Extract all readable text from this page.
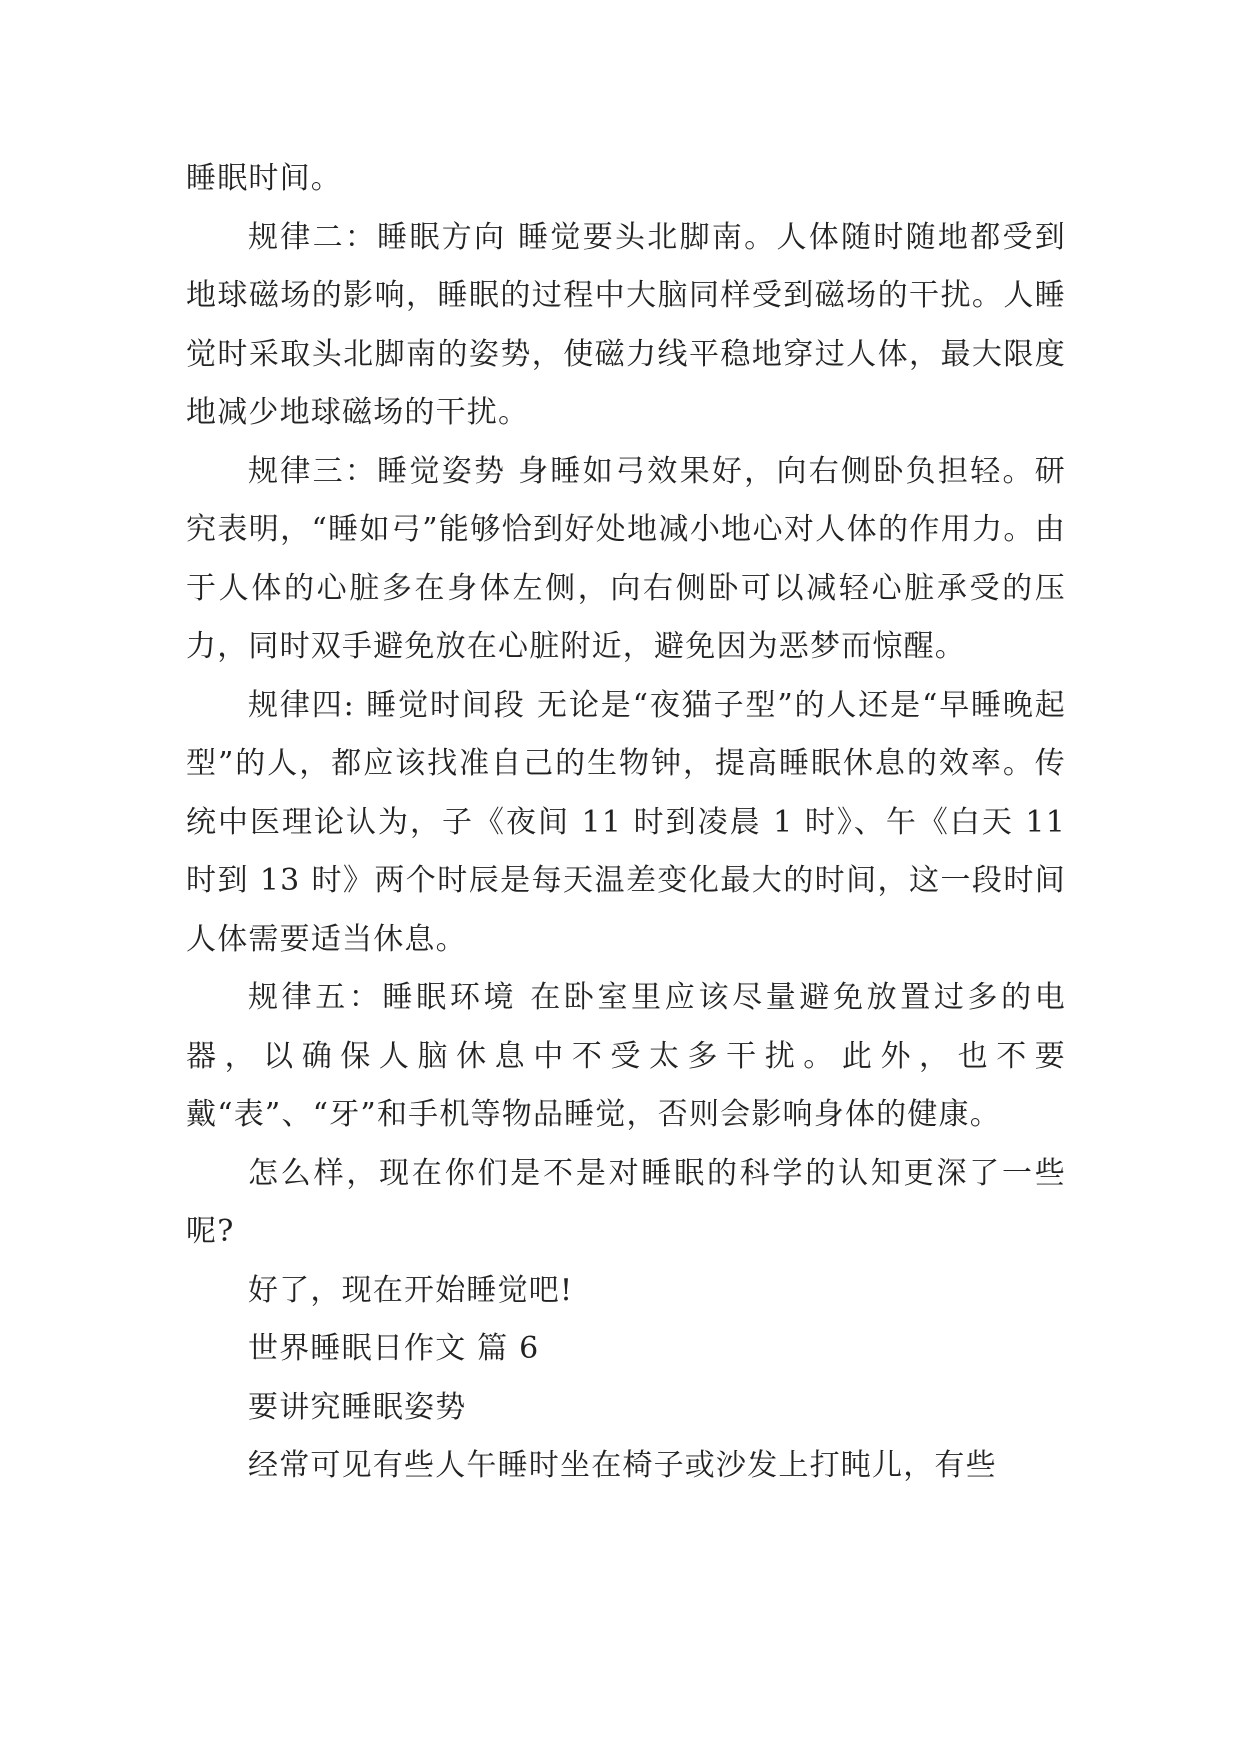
睡眠时间。

规律二：睡眠方向 睡觉要头北脚南。人体随时随地都受到地球磁场的影响，睡眠的过程中大脑同样受到磁场的干扰。人睡觉时采取头北脚南的姿势，使磁力线平稳地穿过人体，最大限度地减少地球磁场的干扰。

规律三：睡觉姿势 身睡如弓效果好，向右侧卧负担轻。研究表明，“睡如弓”能够恰到好处地减小地心对人体的作用力。由于人体的心脏多在身体左侧，向右侧卧可以减轻心脏承受的压力，同时双手避免放在心脏附近，避免因为恶梦而惊醒。

规律四: 睡觉时间段 无论是“夜猫子型”的人还是“早睡晚起型”的人，都应该找准自己的生物钟，提高睡眠休息的效率。传统中医理论认为，子《夜间 11 时到凌晨 1 时》、午《白天 11 时到 13 时》两个时辰是每天温差变化最大的时间，这一段时间人体需要适当休息。

规律五：睡眠环境 在卧室里应该尽量避免放置过多的电器，以确保人脑休息中不受太多干扰。此外，也不要戴“表”、“牙”和手机等物品睡觉，否则会影响身体的健康。

怎么样，现在你们是不是对睡眠的科学的认知更深了一些呢?

好了，现在开始睡觉吧!

世界睡眠日作文 篇 6

要讲究睡眠姿势

经常可见有些人午睡时坐在椅子或沙发上打盹儿，有些
